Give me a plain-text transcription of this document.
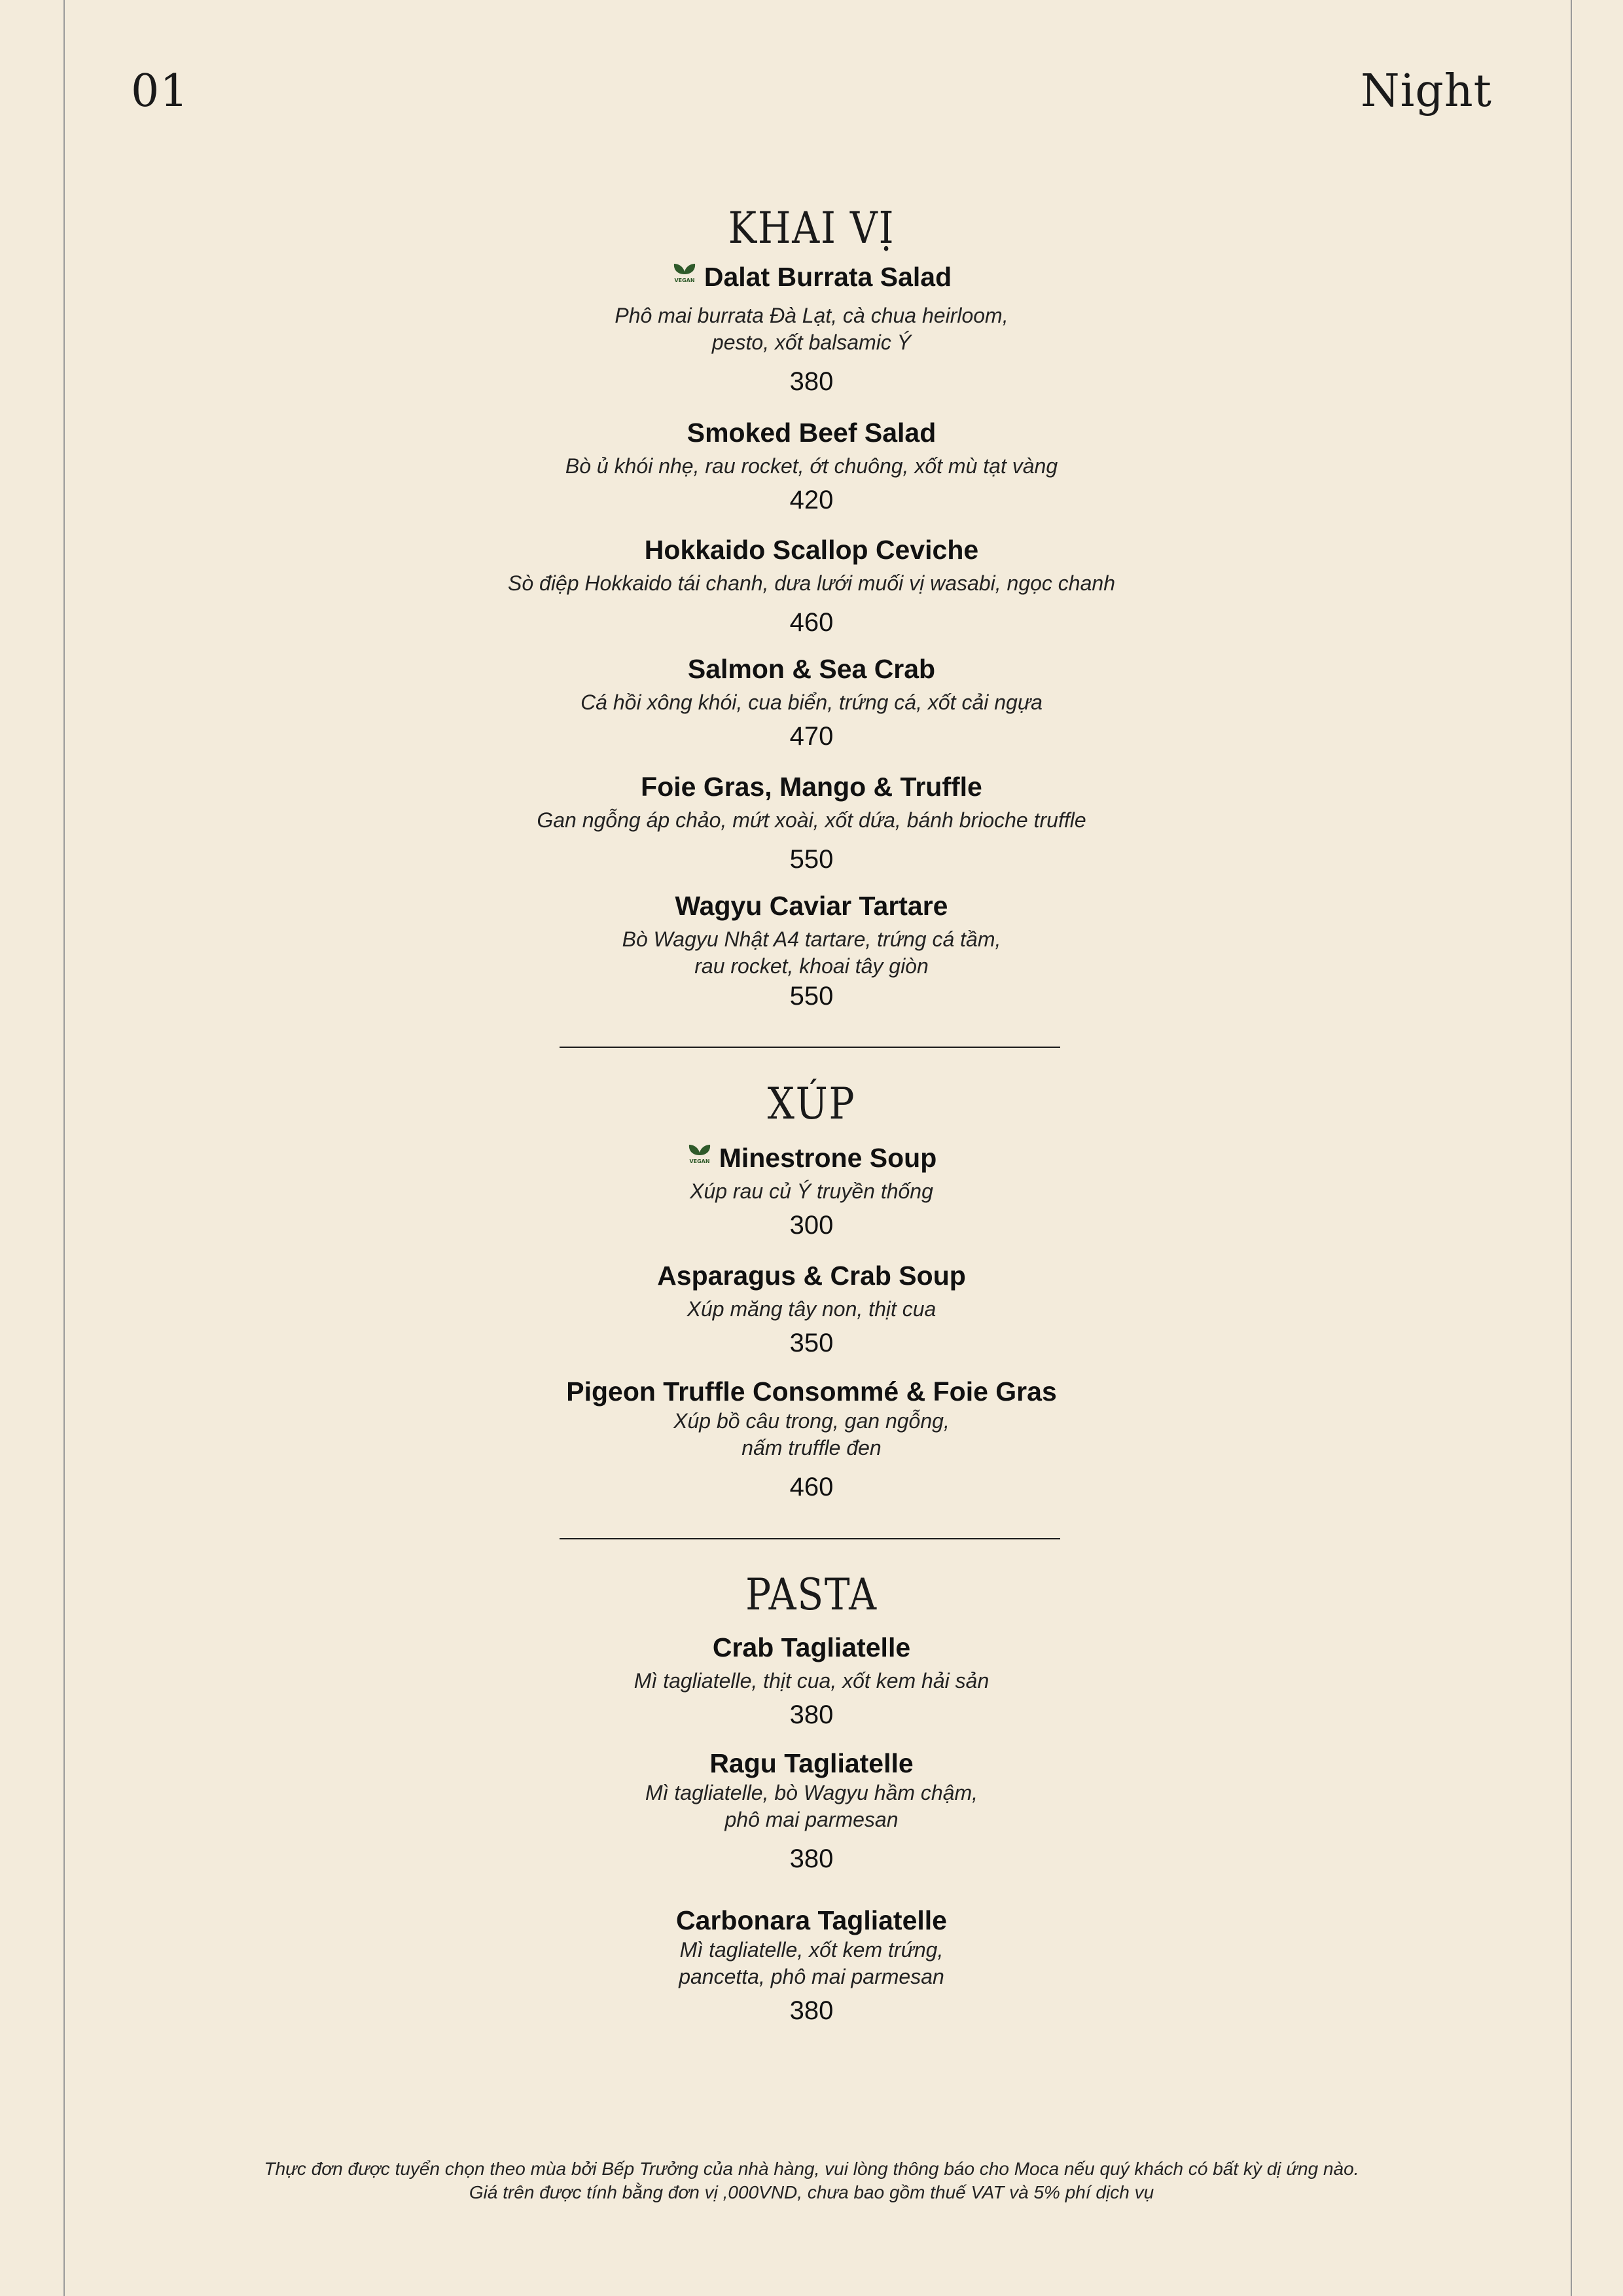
01	Night
KHAI VỊ
VEGAN Dalat Burrata Salad
Phô mai burrata Đà Lạt, cà chua heirloom,
pesto, xốt balsamic Ý
380
Smoked Beef Salad
Bò ủ khói nhẹ, rau rocket, ớt chuông, xốt mù tạt vàng
420
Hokkaido Scallop Ceviche
Sò điệp Hokkaido tái chanh, dưa lưới muối vị wasabi, ngọc chanh
460
Salmon & Sea Crab
Cá hồi xông khói, cua biển, trứng cá, xốt cải ngựa
470
Foie Gras, Mango & Truffle
Gan ngỗng áp chảo, mứt xoài, xốt dứa, bánh brioche truffle
550
Wagyu Caviar Tartare
Bò Wagyu Nhật A4 tartare, trứng cá tầm,
rau rocket, khoai tây giòn
550
XÚP
VEGAN Minestrone Soup
Xúp rau củ Ý truyền thống
300
Asparagus & Crab Soup
Xúp măng tây non, thịt cua
350
Pigeon Truffle Consommé & Foie Gras
Xúp bồ câu trong, gan ngỗng,
nấm truffle đen
460
PASTA
Crab Tagliatelle
Mì tagliatelle, thịt cua, xốt kem hải sản
380
Ragu Tagliatelle
Mì tagliatelle, bò Wagyu hầm chậm,
phô mai parmesan
380
Carbonara Tagliatelle
Mì tagliatelle, xốt kem trứng,
pancetta, phô mai parmesan
380
Thực đơn được tuyển chọn theo mùa bởi Bếp Trưởng của nhà hàng, vui lòng thông báo cho Moca nếu quý khách có bất kỳ dị ứng nào.
Giá trên được tính bằng đơn vị ,000VND, chưa bao gồm thuế VAT và 5% phí dịch vụ
